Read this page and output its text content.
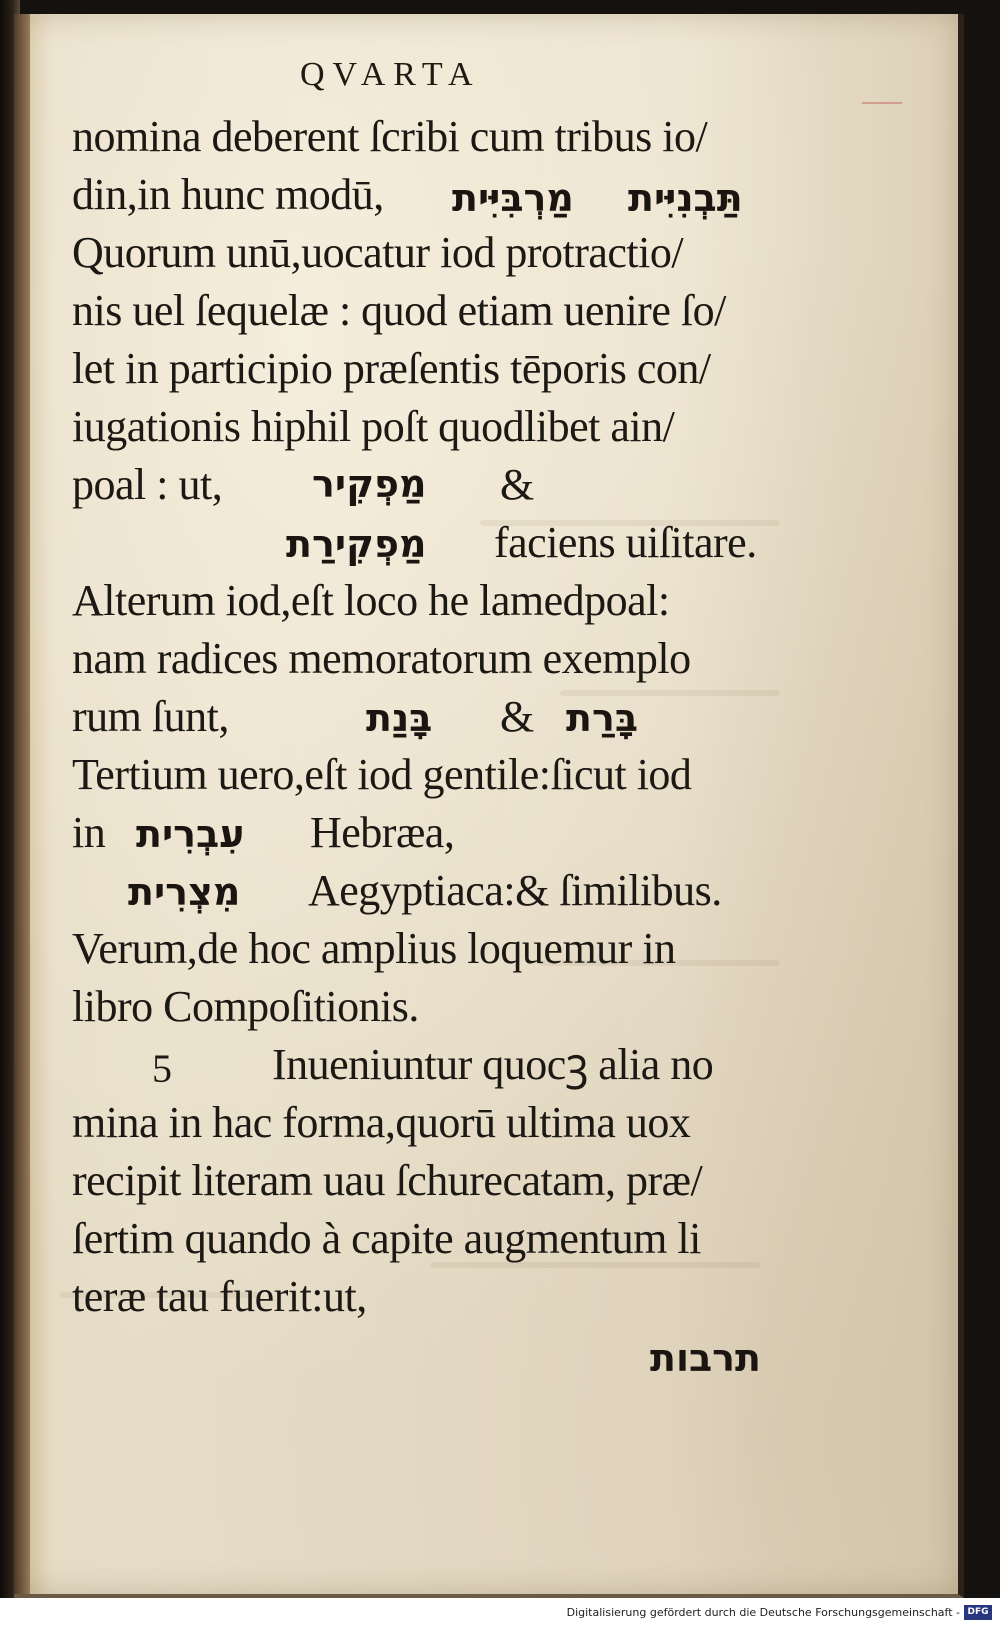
QVARTA
nomina deberent ſcribi cum tribus io/
din,in hunc modū,	מַרְבִּיִּית תַּבְנִיִּית
Quorum unū,uocatur iod protractio/
nis uel ſequelæ : quod etiam uenire ſo/
let in participio præſentis tēporis con/
iugationis hiphil poſt quodlibet ain/
poal : ut,	מַפְקִיר &
מַפְקִירַת faciens uiſitare.
Alterum iod,eſt loco he lamedpoal:
nam radices memoratorum exemplo
rum ſunt,	בָּנַת & בָּרַת
Tertium uero,eſt iod gentile:ſicut iod
in עִבְרִית Hebræa,
מִצְרִית Aegyptiaca:& ſimilibus.
Verum,de hoc amplius loquemur in
libro Compoſitionis.
5 Inueniuntur quocꝫ alia no
mina in hac forma,quorū ultima uox
recipit literam uau ſchurecatam, præ/
ſertim quando à capite augmentum li
teræ tau fuerit:ut,
תרבות
Digitalisierung gefördert durch die Deutsche Forschungsgemeinschaft - DFG
